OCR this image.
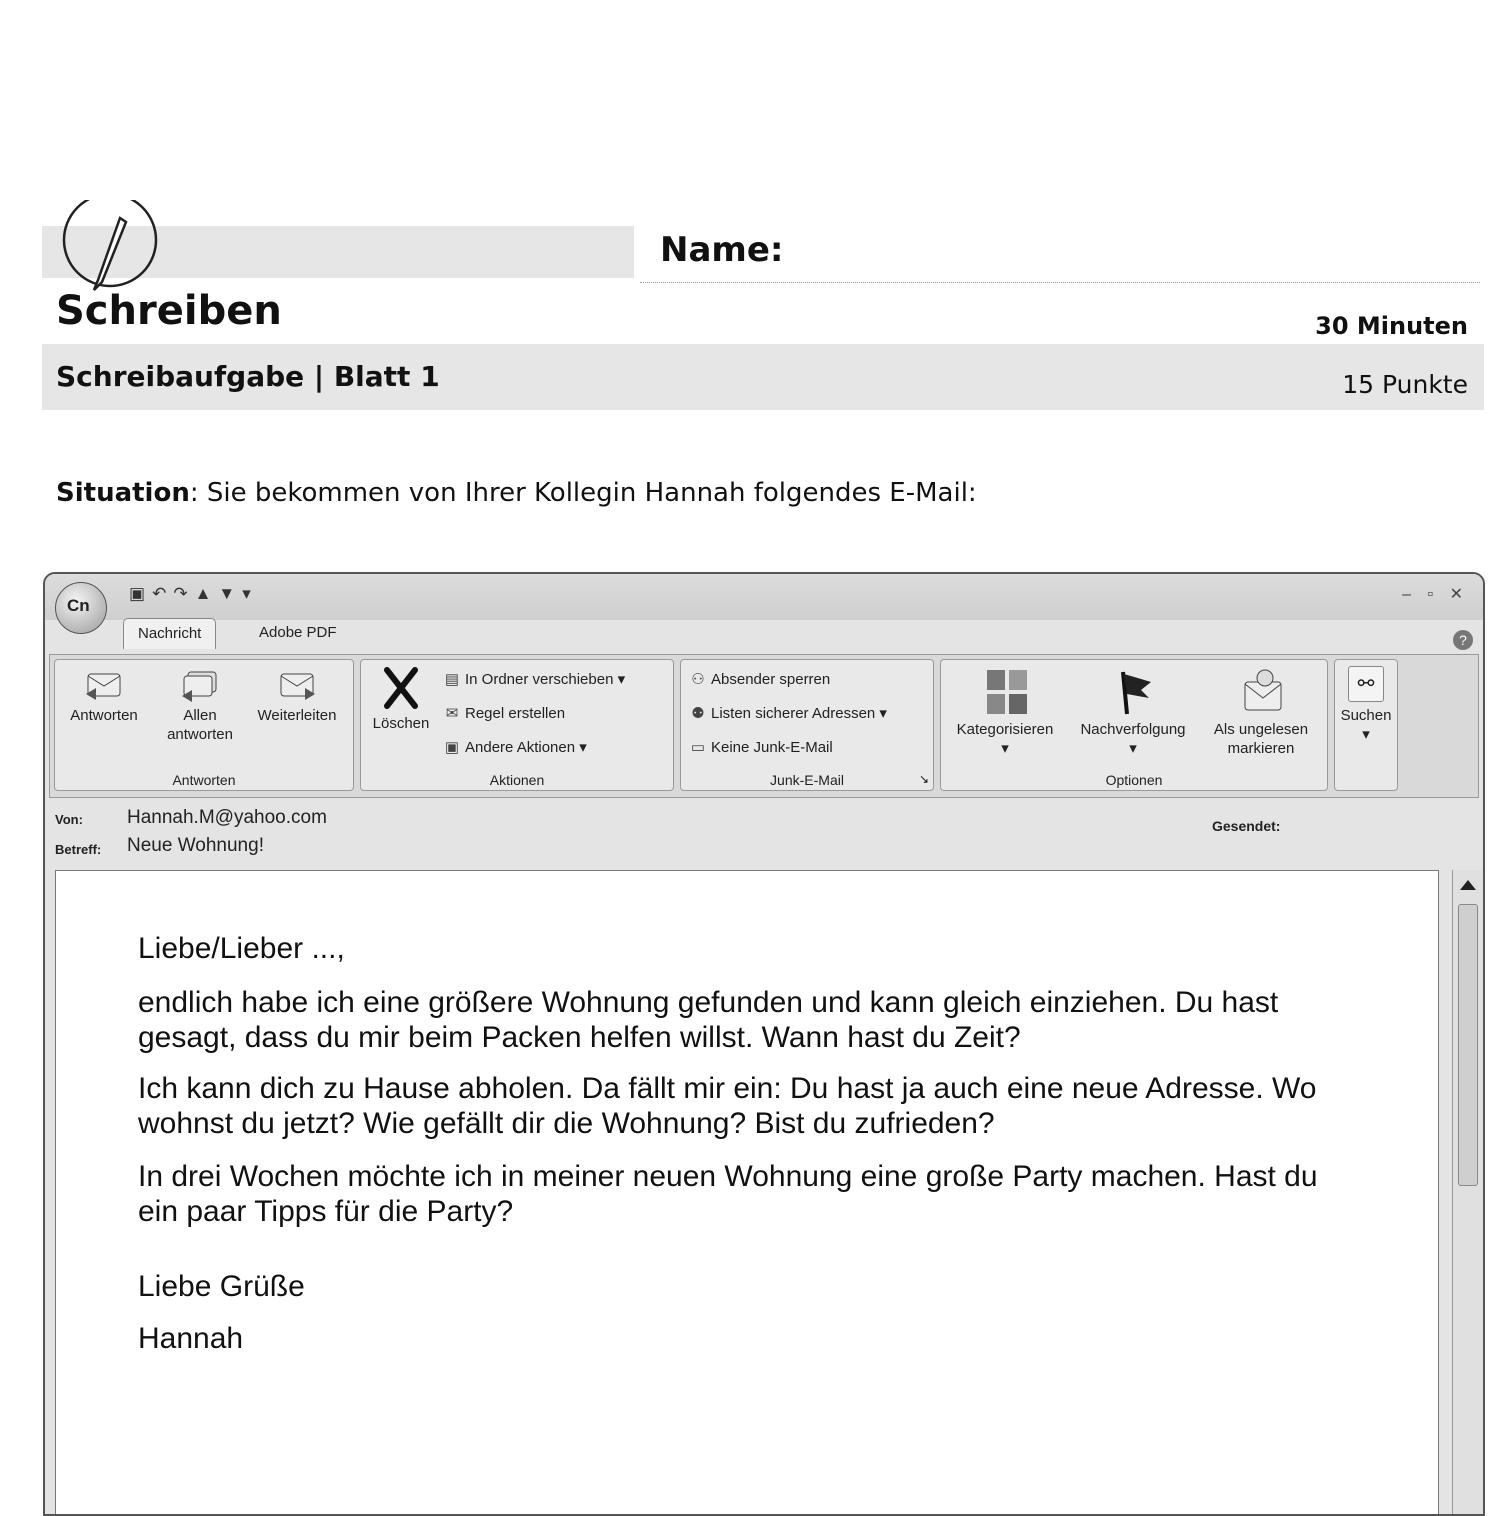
Name:
Schreiben	30 Minuten
Schreibaufgabe | Blatt 1	15 Punkte
Situation: Sie bekommen von Ihrer Kollegin Hannah folgendes E-Mail:
Cn
▣↶↷▲▼▾	– ▫ ✕
Nachricht	Adobe PDF	?
Antworten	Allen antworten
Weiterleiten
Antworten
Löschen
▤ In Ordner verschieben ▾
✉ Regel erstellen
▣ Andere Aktionen ▾
Aktionen
⚇ Absender sperren
⚉ Listen sicherer Adressen ▾
▭ Keine Junk-E-Mail
Junk-E-Mail	↘
Kategorisieren
▾
Nachverfolgung
▾
Als ungelesen markieren
Optionen
⚯
Suchen
▾
Von: Hannah.M@yahoo.com
Betreff: Neue Wohnung!
Gesendet:
Liebe/Lieber ...,
endlich habe ich eine größere Wohnung gefunden und kann gleich einziehen. Du hast gesagt, dass du mir beim Packen helfen willst. Wann hast du Zeit?
Ich kann dich zu Hause abholen. Da fällt mir ein: Du hast ja auch eine neue Adresse. Wo wohnst du jetzt? Wie gefällt dir die Wohnung? Bist du zufrieden?
In drei Wochen möchte ich in meiner neuen Wohnung eine große Party machen. Hast du ein paar Tipps für die Party?
Liebe Grüße
Hannah
